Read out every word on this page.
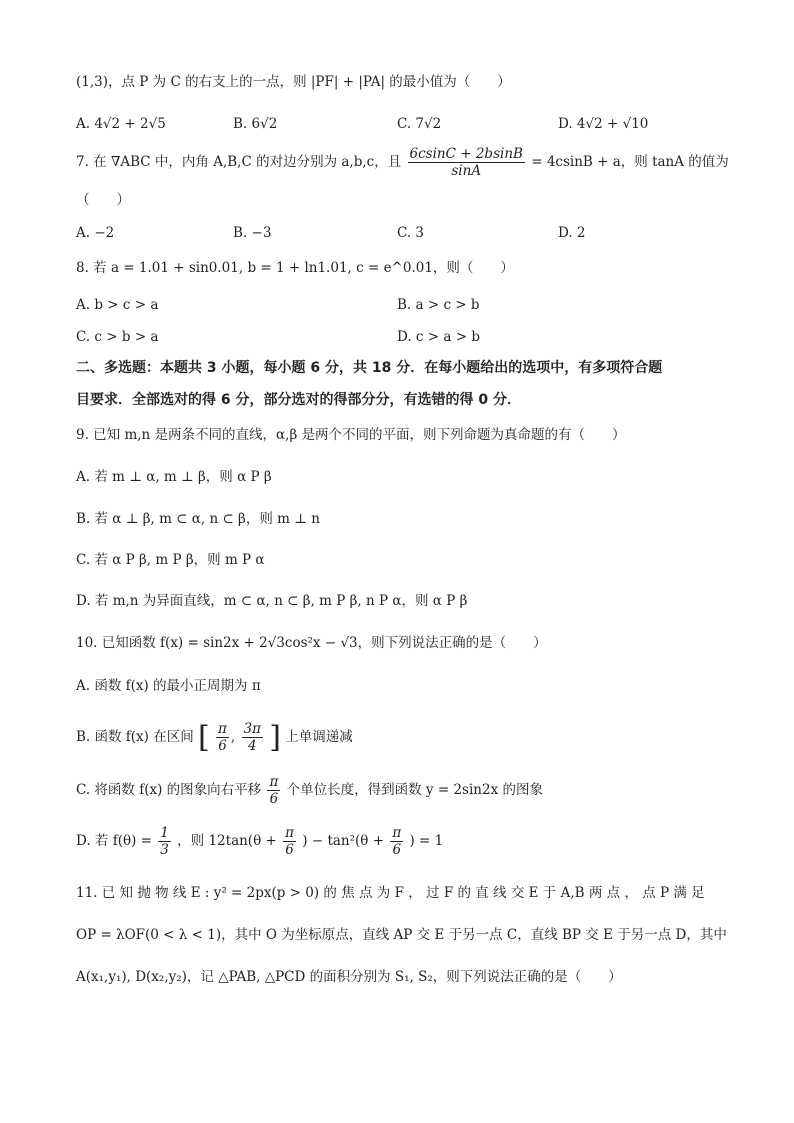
(1,3)，点 P 为 C 的右支上的一点，则 |PF| + |PA| 的最小值为（　　）
A. 4√2 + 2√5	B. 6√2	C. 7√2	D. 4√2 + √10
7. 在 ∇ABC 中，内角 A,B,C 的对边分别为 a,b,c，且 $\frac{6csinC + 2bsinB}{\sin A} = 4csinB + a$，则 tanA 的值为
（　　）
A. −2	B. −3	C. 3	D. 2
8. 若 a = 1.01 + sin0.01, b = 1 + ln1.01, c = e^0.01，则（　　）
A. b > c > a	B. a > c > b
C. c > b > a	D. c > a > b
二、多选题：本题共 3 小题，每小题 6 分，共 18 分．在每小题给出的选项中，有多项符合题
目要求．全部选对的得 6 分，部分选对的得部分分，有选错的得 0 分．
9. 已知 m,n 是两条不同的直线，α,β 是两个不同的平面，则下列命题为真命题的有（　　）
A. 若 m ⊥ α, m ⊥ β，则 α P β
B. 若 α ⊥ β, m ⊂ α, n ⊂ β，则 m ⊥ n
C. 若 α P β, m P β，则 m P α
D. 若 m,n 为异面直线，m ⊂ α, n ⊂ β, m P β, n P α，则 α P β
10. 已知函数 f(x) = sin2x + 2√3cos²x − √3，则下列说法正确的是（　　）
A. 函数 f(x) 的最小正周期为 π
B. 函数 f(x) 在区间 [ $\frac{\pi}{6}$ , $\frac{3\pi}{4}$ ] 上单调递减
C. 将函数 f(x) 的图象向右平移 $\frac{\pi}{6}$ 个单位长度，得到函数 y = 2sin2x 的图象
D. 若 $f(\theta) = \frac{1}{3}$ ，则 $12\tan(\theta + \frac{\pi}{6}$ ) − $\tan^2(\theta + \frac{\pi}{6}$ ) = 1
11. 已 知 抛 物 线 E : y² = 2px(p > 0) 的 焦 点 为 F ， 过 F 的 直 线 交 E 于 A,B 两 点 ， 点 P 满 足
OP = λOF(0 < λ < 1)，其中 O 为坐标原点，直线 AP 交 E 于另一点 C，直线 BP 交 E 于另一点 D，其中
A(x₁,y₁), D(x₂,y₂)，记 △PAB, △PCD 的面积分别为 S₁, S₂，则下列说法正确的是（　　）
